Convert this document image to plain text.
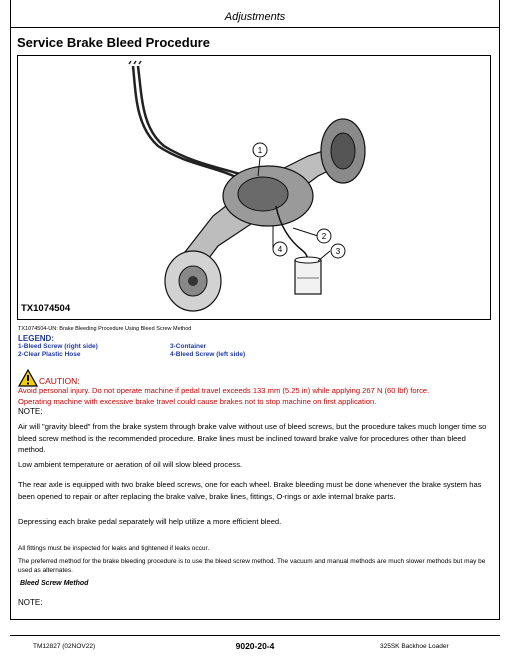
Adjustments
Service Brake Bleed Procedure
1
2
3
4
TX1074504
TX1074504-UN: Brake Bleeding Procedure Using Bleed Screw Method
LEGEND:
1-Bleed Screw (right side)
2-Clear Plastic Hose
3-Container
4-Bleed Screw (left side)
CAUTION:
Avoid personal injury. Do not operate machine if pedal travel exceeds 133 mm (5.25 in) while applying 267 N (60 lbf) force.
Operating machine with excessive brake travel could cause brakes not to stop machine on first application.
NOTE:
Air will "gravity bleed" from the brake system through brake valve without use of bleed screws, but the procedure takes much longer time so bleed screw method is the recommended procedure. Brake lines must be inclined toward brake valve for procedures other than bleed method.
Low ambient temperature or aeration of oil will slow bleed process.
The rear axle is equipped with two brake bleed screws, one for each wheel. Brake bleeding must be done whenever the brake system has been opened to repair or after replacing the brake valve, brake lines, fittings, O-rings or axle internal brake parts.
Depressing each brake pedal separately will help utilize a more efficient bleed.
All fittings must be inspected for leaks and tightened if leaks occur.
The preferred method for the brake bleeding procedure is to use the bleed screw method. The vacuum and manual methods are much slower methods but may be used as alternates.
Bleed Screw Method
NOTE:
TM12827 (02NOV22)	9020-20-4	325SK Backhoe Loader
